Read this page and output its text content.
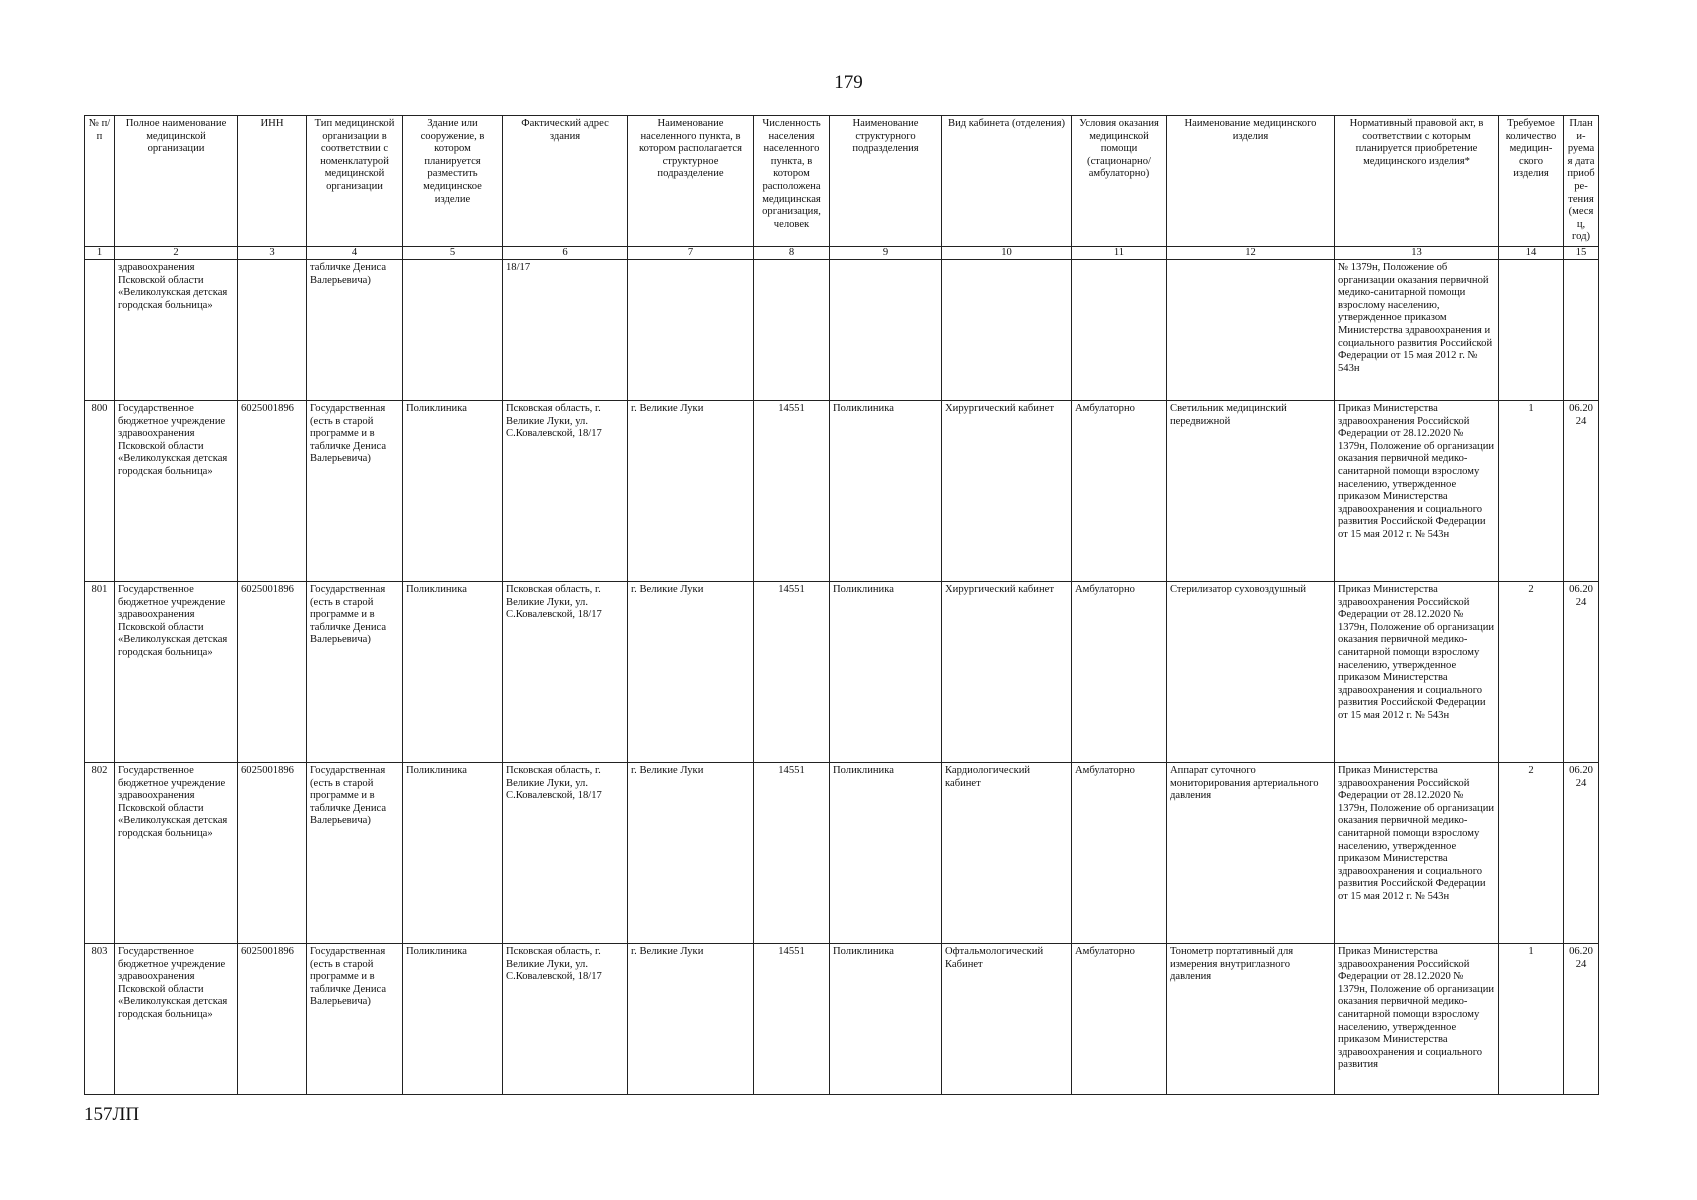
179
№ п/п	Полное наименование медицинской организации	ИНН	Тип медицинской организации в соответствии с номенклатурой медицинской организации	Здание или сооружение, в котором планируется разместить медицинское изделие	Фактический адрес здания	Наименование населенного пункта, в котором располагается структурное подразделение	Численность населения населенного пункта, в котором расположена медицинская организация, человек	Наименование структурного подразделения	Вид кабинета (отделения)	Условия оказания медицинской помощи (стационарно/ амбулаторно)	Наименование медицинского изделия	Нормативный правовой акт, в соответствии с которым планируется приобретение медицинского изделия*	Требуемое количество медицин-ского изделия	Плани-руемая дата приобре-тения (месяц, год)
1	2	3	4	5	6	7	8	9	10	11	12	13	14	15
	здравоохранения Псковской области «Великолукская детская городская больница»		табличке Дениса Валерьевича)		18/17							№ 1379н, Положение об организации оказания первичной медико-санитарной помощи взрослому населению, утвержденное приказом Министерства здравоохранения и социального развития Российской Федерации от 15 мая 2012 г. № 543н		
800	Государственное бюджетное учреждение здравоохранения Псковской области «Великолукская детская городская больница»	6025001896	Государственная (есть в старой программе и в табличке Дениса Валерьевича)	Поликлиника	Псковская область, г. Великие Луки, ул. С.Ковалевской, 18/17	г. Великие Луки	14551	Поликлиника	Хирургический кабинет	Амбулаторно	Светильник медицинский передвижной	Приказ Министерства здравоохранения Российской Федерации от 28.12.2020 № 1379н, Положение об организации оказания первичной медико-санитарной помощи взрослому населению, утвержденное приказом Министерства здравоохранения и социального развития Российской Федерации от 15 мая 2012 г. № 543н	1	06.2024
801	Государственное бюджетное учреждение здравоохранения Псковской области «Великолукская детская городская больница»	6025001896	Государственная (есть в старой программе и в табличке Дениса Валерьевича)	Поликлиника	Псковская область, г. Великие Луки, ул. С.Ковалевской, 18/17	г. Великие Луки	14551	Поликлиника	Хирургический кабинет	Амбулаторно	Стерилизатор суховоздушный	Приказ Министерства здравоохранения Российской Федерации от 28.12.2020 № 1379н, Положение об организации оказания первичной медико-санитарной помощи взрослому населению, утвержденное приказом Министерства здравоохранения и социального развития Российской Федерации от 15 мая 2012 г. № 543н	2	06.2024
802	Государственное бюджетное учреждение здравоохранения Псковской области «Великолукская детская городская больница»	6025001896	Государственная (есть в старой программе и в табличке Дениса Валерьевича)	Поликлиника	Псковская область, г. Великие Луки, ул. С.Ковалевской, 18/17	г. Великие Луки	14551	Поликлиника	Кардиологический кабинет	Амбулаторно	Аппарат суточного мониторирования артериального давления	Приказ Министерства здравоохранения Российской Федерации от 28.12.2020 № 1379н, Положение об организации оказания первичной медико-санитарной помощи взрослому населению, утвержденное приказом Министерства здравоохранения и социального развития Российской Федерации от 15 мая 2012 г. № 543н	2	06.2024
803	Государственное бюджетное учреждение здравоохранения Псковской области «Великолукская детская городская больница»	6025001896	Государственная (есть в старой программе и в табличке Дениса Валерьевича)	Поликлиника	Псковская область, г. Великие Луки, ул. С.Ковалевской, 18/17	г. Великие Луки	14551	Поликлиника	Офтальмологический Кабинет	Амбулаторно	Тонометр портативный для измерения внутриглазного давления	Приказ Министерства здравоохранения Российской Федерации от 28.12.2020 № 1379н, Положение об организации оказания первичной медико-санитарной помощи взрослому населению, утвержденное приказом Министерства здравоохранения и социального развития	1	06.2024
157ЛП
